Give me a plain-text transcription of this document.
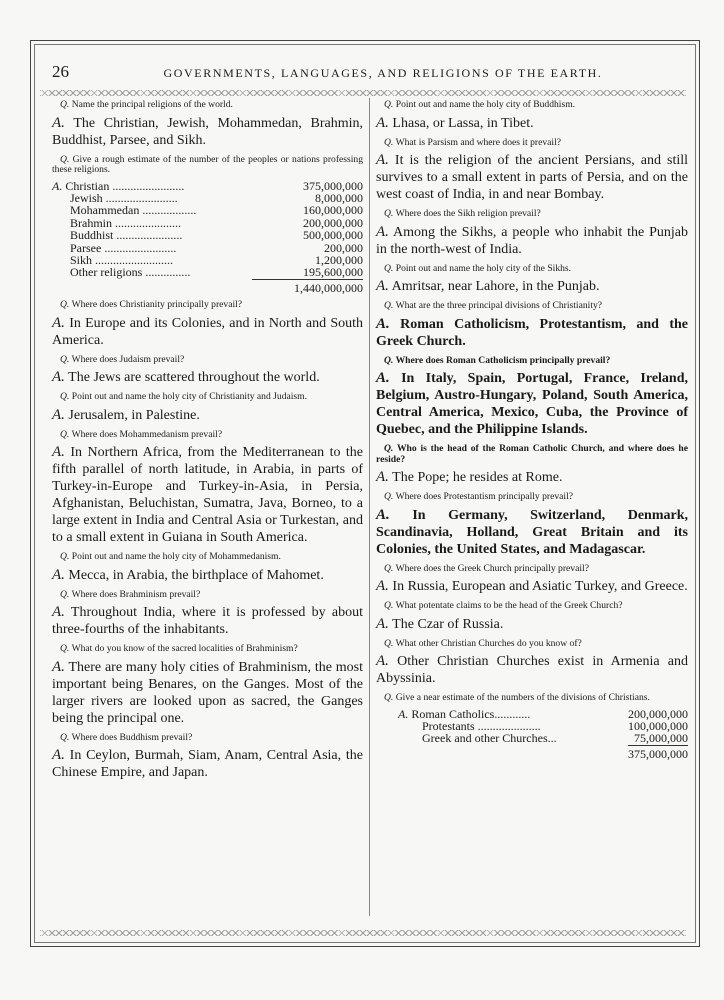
26	GOVERNMENTS, LANGUAGES, AND RELIGIONS OF THE EARTH.

Q. Name the principal religions of the world.

A. The Christian, Jewish, Mohammedan, Brahmin, Buddhist, Parsee, and Sikh.

Q. Give a rough estimate of the number of the peoples or nations professing these religions.

A. Christian ........................	375,000,000
Jewish ........................	8,000,000
Mohammedan ..................	160,000,000
Brahmin ......................	200,000,000
Buddhist ......................	500,000,000
Parsee ........................	200,000
Sikh ..........................	1,200,000
Other religions ...............	195,600,000
1,440,000,000

Q. Where does Christianity principally prevail?

A. In Europe and its Colonies, and in North and South America.

Q. Where does Judaism prevail?

A. The Jews are scattered throughout the world.

Q. Point out and name the holy city of Christianity and Judaism.

A. Jerusalem, in Palestine.

Q. Where does Mohammedanism prevail?

A. In Northern Africa, from the Mediterranean to the fifth parallel of north latitude, in Arabia, in parts of Turkey-in-Europe and Turkey-in-Asia, in Persia, Afghanistan, Beluchistan, Sumatra, Java, Borneo, to a large extent in India and Central Asia or Turkestan, and to a small extent in Guiana in South America.

Q. Point out and name the holy city of Mohammedanism.

A. Mecca, in Arabia, the birthplace of Mahomet.

Q. Where does Brahminism prevail?

A. Throughout India, where it is professed by about three-fourths of the inhabitants.

Q. What do you know of the sacred localities of Brahminism?

A. There are many holy cities of Brahminism, the most important being Benares, on the Ganges. Most of the larger rivers are looked upon as sacred, the Ganges being the principal one.

Q. Where does Buddhism prevail?

A. In Ceylon, Burmah, Siam, Anam, Central Asia, the Chinese Empire, and Japan.

Q. Point out and name the holy city of Buddhism.

A. Lhasa, or Lassa, in Tibet.

Q. What is Parsism and where does it prevail?

A. It is the religion of the ancient Persians, and still survives to a small extent in parts of Persia, and on the west coast of India, in and near Bombay.

Q. Where does the Sikh religion prevail?

A. Among the Sikhs, a people who inhabit the Punjab in the north-west of India.

Q. Point out and name the holy city of the Sikhs.

A. Amritsar, near Lahore, in the Punjab.

Q. What are the three principal divisions of Christianity?

A. Roman Catholicism, Protestantism, and the Greek Church.

Q. Where does Roman Catholicism principally prevail?

A. In Italy, Spain, Portugal, France, Ireland, Belgium, Austro-Hungary, Poland, South America, Central America, Mexico, Cuba, the Province of Quebec, and the Philippine Islands.

Q. Who is the head of the Roman Catholic Church, and where does he reside?

A. The Pope; he resides at Rome.

Q. Where does Protestantism principally prevail?

A. In Germany, Switzerland, Denmark, Scandinavia, Holland, Great Britain and its Colonies, the United States, and Madagascar.

Q. Where does the Greek Church principally prevail?

A. In Russia, European and Asiatic Turkey, and Greece.

Q. What potentate claims to be the head of the Greek Church?

A. The Czar of Russia.

Q. What other Christian Churches do you know of?

A. Other Christian Churches exist in Armenia and Abyssinia.

Q. Give a near estimate of the numbers of the divisions of Christians.

A. Roman Catholics............	200,000,000
Protestants .....................	100,000,000
Greek and other Churches...	75,000,000
375,000,000
